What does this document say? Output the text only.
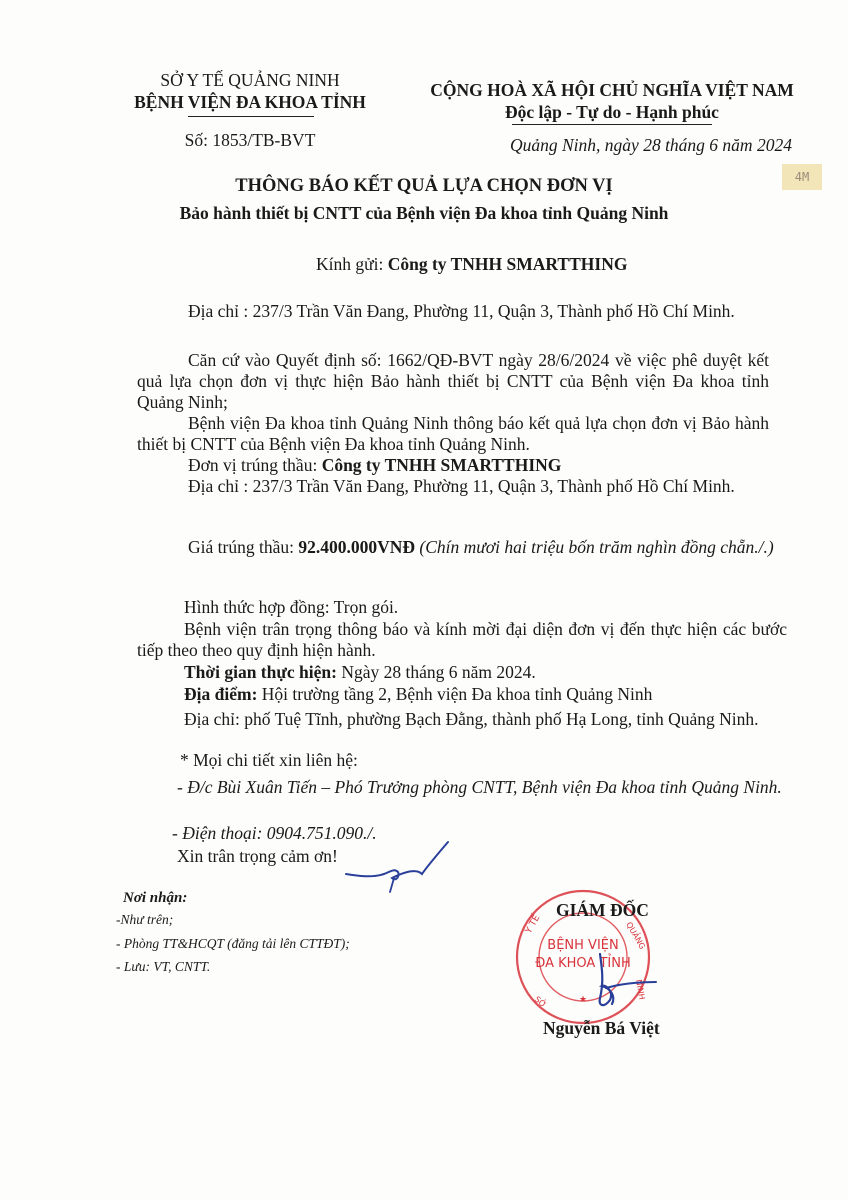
SỞ Y TẾ QUẢNG NINH
BỆNH VIỆN ĐA KHOA TỈNH
Số: 1853/TB-BVT
CỘNG HOÀ XÃ HỘI CHỦ NGHĨA VIỆT NAM
Độc lập - Tự do - Hạnh phúc
Quảng Ninh, ngày 28 tháng 6 năm 2024
4M
THÔNG BÁO KẾT QUẢ LỰA CHỌN ĐƠN VỊ
Bảo hành thiết bị CNTT của Bệnh viện Đa khoa tỉnh Quảng Ninh
Kính gửi: Công ty TNHH SMARTTHING
Địa chỉ : 237/3 Trần Văn Đang, Phường 11, Quận 3, Thành phố Hồ Chí Minh.
Căn cứ vào Quyết định số: 1662/QĐ-BVT ngày 28/6/2024 về việc phê duyệt kết quả lựa chọn đơn vị thực hiện Bảo hành thiết bị CNTT của Bệnh viện Đa khoa tỉnh Quảng Ninh;
Bệnh viện Đa khoa tỉnh Quảng Ninh thông báo kết quả lựa chọn đơn vị Bảo hành thiết bị CNTT của Bệnh viện Đa khoa tỉnh Quảng Ninh.
Đơn vị trúng thầu: Công ty TNHH SMARTTHING
Địa chỉ : 237/3 Trần Văn Đang, Phường 11, Quận 3, Thành phố Hồ Chí Minh.
Giá trúng thầu: 92.400.000VNĐ (Chín mươi hai triệu bốn trăm nghìn đồng chẵn./.)
Hình thức hợp đồng: Trọn gói.
Bệnh viện trân trọng thông báo và kính mời đại diện đơn vị đến thực hiện các bước tiếp theo theo quy định hiện hành.
Thời gian thực hiện: Ngày 28 tháng 6 năm 2024.
Địa điểm: Hội trường tầng 2, Bệnh viện Đa khoa tỉnh Quảng Ninh
Địa chỉ: phố Tuệ Tĩnh, phường Bạch Đằng, thành phố Hạ Long, tỉnh Quảng Ninh.
* Mọi chi tiết xin liên hệ:
- Đ/c Bùi Xuân Tiến – Phó Trưởng phòng CNTT, Bệnh viện Đa khoa tỉnh Quảng Ninh.
- Điện thoại: 0904.751.090./.
Xin trân trọng cảm ơn!
Nơi nhận:
-Như trên;
- Phòng TT&HCQT (đăng tải lên CTTĐT);
- Lưu: VT, CNTT.
Y TẾ	QUẢNG
NINH
SỞ	★
BỆNH VIỆN
ĐA KHOA TỈNH
GIÁM ĐỐC
Nguyễn Bá Việt
